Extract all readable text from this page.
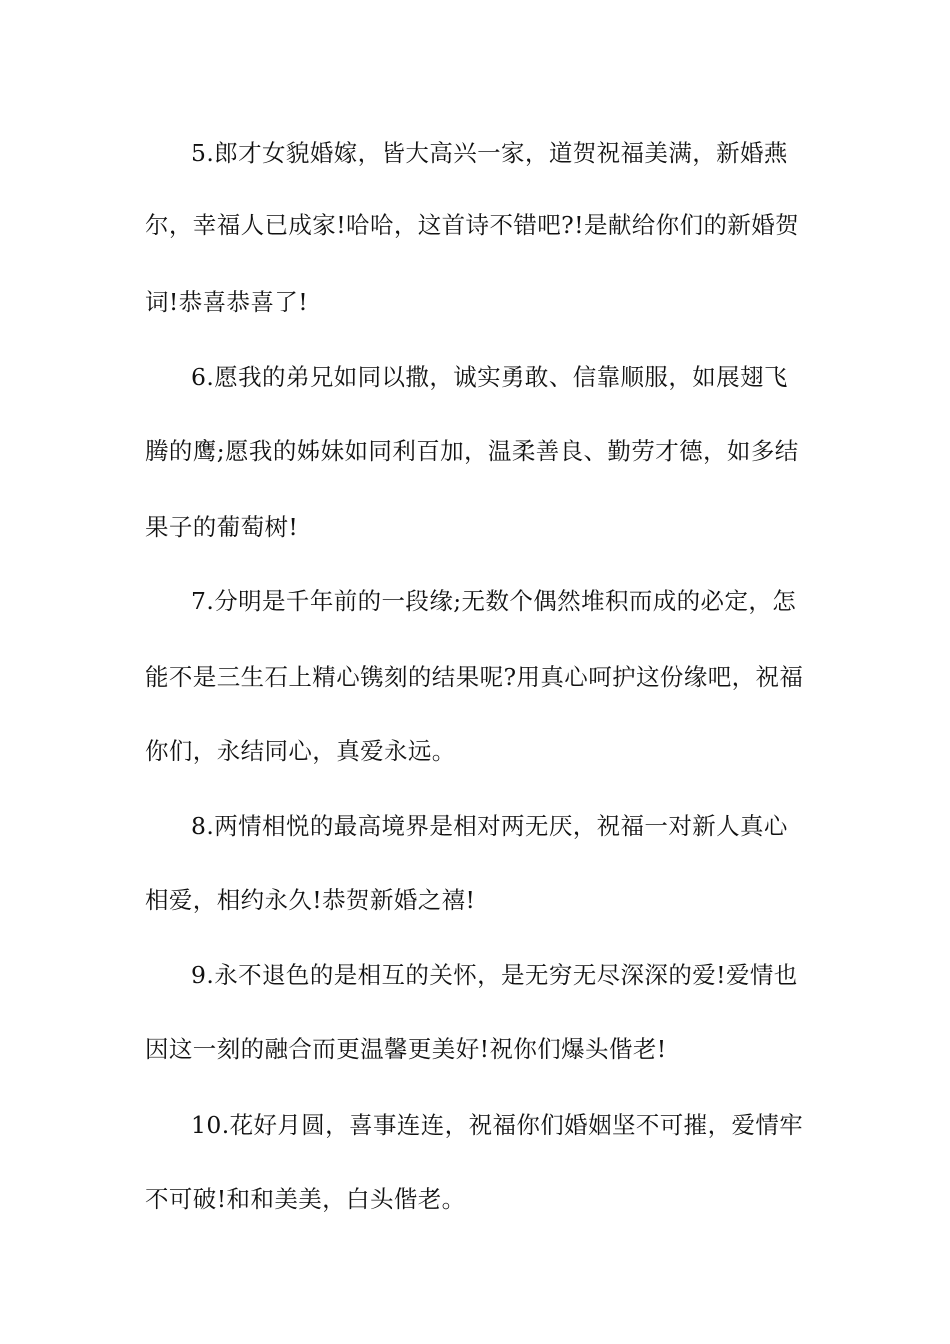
5.郎才女貌婚嫁，皆大高兴一家，道贺祝福美满，新婚燕
尔，幸福人已成家!哈哈，这首诗不错吧?!是献给你们的新婚贺
词!恭喜恭喜了!
6.愿我的弟兄如同以撒，诚实勇敢、信靠顺服，如展翅飞
腾的鹰;愿我的姊妹如同利百加，温柔善良、勤劳才德，如多结
果子的葡萄树!
7.分明是千年前的一段缘;无数个偶然堆积而成的必定，怎
能不是三生石上精心镌刻的结果呢?用真心呵护这份缘吧，祝福
你们，永结同心，真爱永远。
8.两情相悦的最高境界是相对两无厌，祝福一对新人真心
相爱，相约永久!恭贺新婚之禧!
9.永不退色的是相互的关怀，是无穷无尽深深的爱!爱情也
因这一刻的融合而更温馨更美好!祝你们爆头偕老!
10.花好月圆，喜事连连，祝福你们婚姻坚不可摧，爱情牢
不可破!和和美美，白头偕老。
